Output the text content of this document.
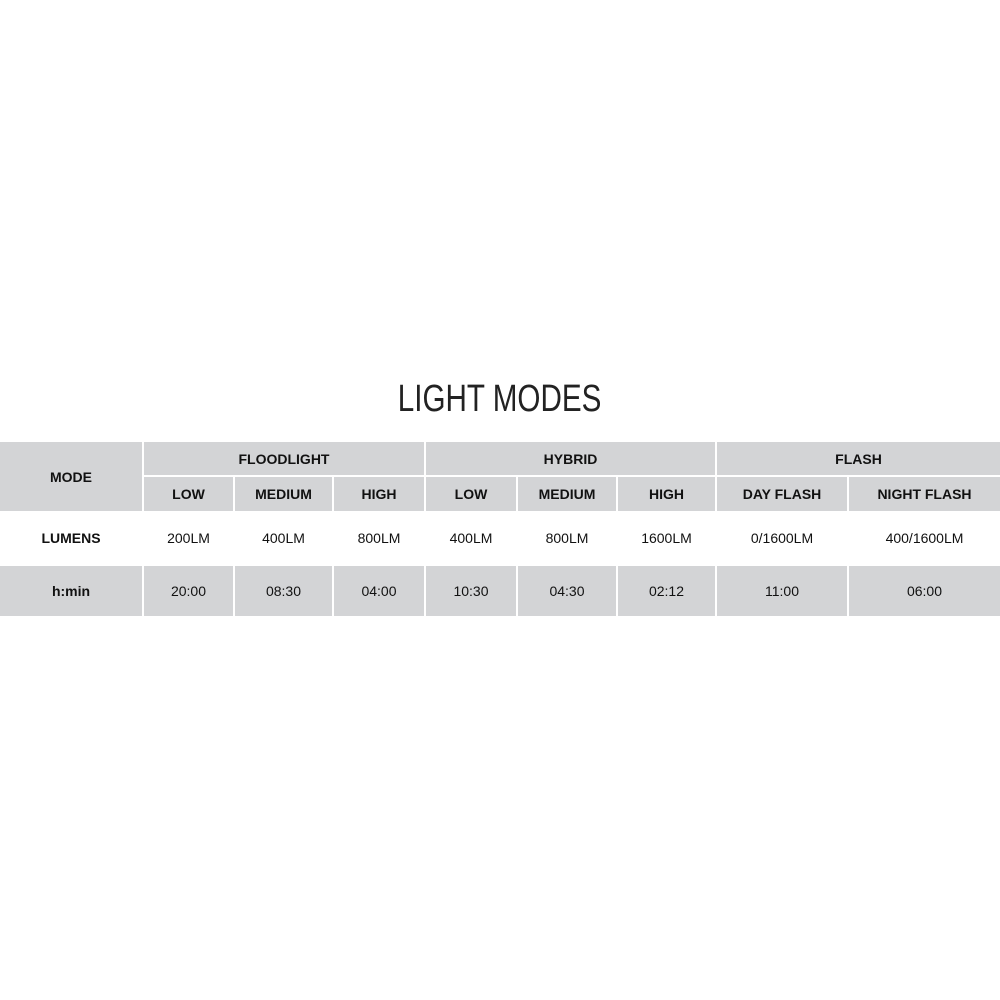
LIGHT MODES
MODE
FLOODLIGHT	HYBRID	FLASH
LOW	MEDIUM	HIGH	LOW	MEDIUM	HIGH	DAY FLASH	NIGHT FLASH
LUMENS	200LM	400LM	800LM	400LM	800LM	1600LM	0/1600LM	400/1600LM
h:min	20:00	08:30	04:00	10:30	04:30	02:12	11:00	06:00
